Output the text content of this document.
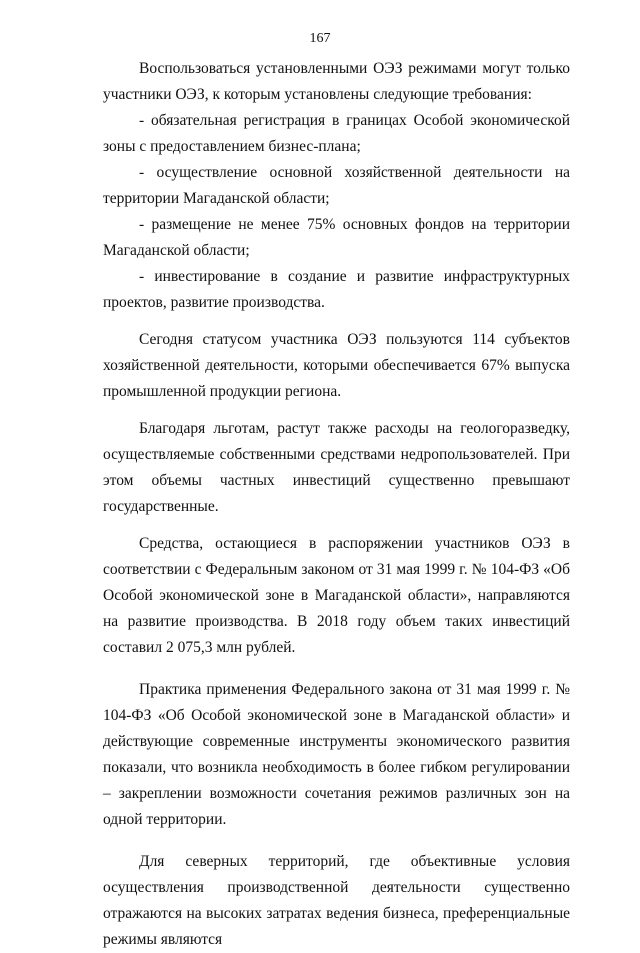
167

Воспользоваться установленными ОЭЗ режимами могут только участники ОЭЗ, к которым установлены следующие требования:

- обязательная регистрация в границах Особой экономической зоны с предоставлением бизнес-плана;

- осуществление основной хозяйственной деятельности на территории Магаданской области;

- размещение не менее 75% основных фондов на территории Магаданской области;

- инвестирование в создание и развитие инфраструктурных проектов, развитие производства.

Сегодня статусом участника ОЭЗ пользуются 114 субъектов хозяйственной деятельности, которыми обеспечивается 67% выпуска промышленной продукции региона.

Благодаря льготам, растут также расходы на геологоразведку, осуществляемые собственными средствами недропользователей. При этом объемы частных инвестиций существенно превышают государственные.

Средства, остающиеся в распоряжении участников ОЭЗ в соответствии с Федеральным законом от 31 мая 1999 г. № 104-ФЗ «Об Особой экономической зоне в Магаданской области», направляются на развитие производства. В 2018 году объем таких инвестиций составил 2 075,3 млн рублей.

Практика применения Федерального закона от 31 мая 1999 г. № 104-ФЗ «Об Особой экономической зоне в Магаданской области» и действующие современные инструменты экономического развития показали, что возникла необходимость в более гибком регулировании – закреплении возможности сочетания режимов различных зон на одной территории.

Для северных территорий, где объективные условия осуществления производственной деятельности существенно отражаются на высоких затратах ведения бизнеса, преференциальные режимы являются
